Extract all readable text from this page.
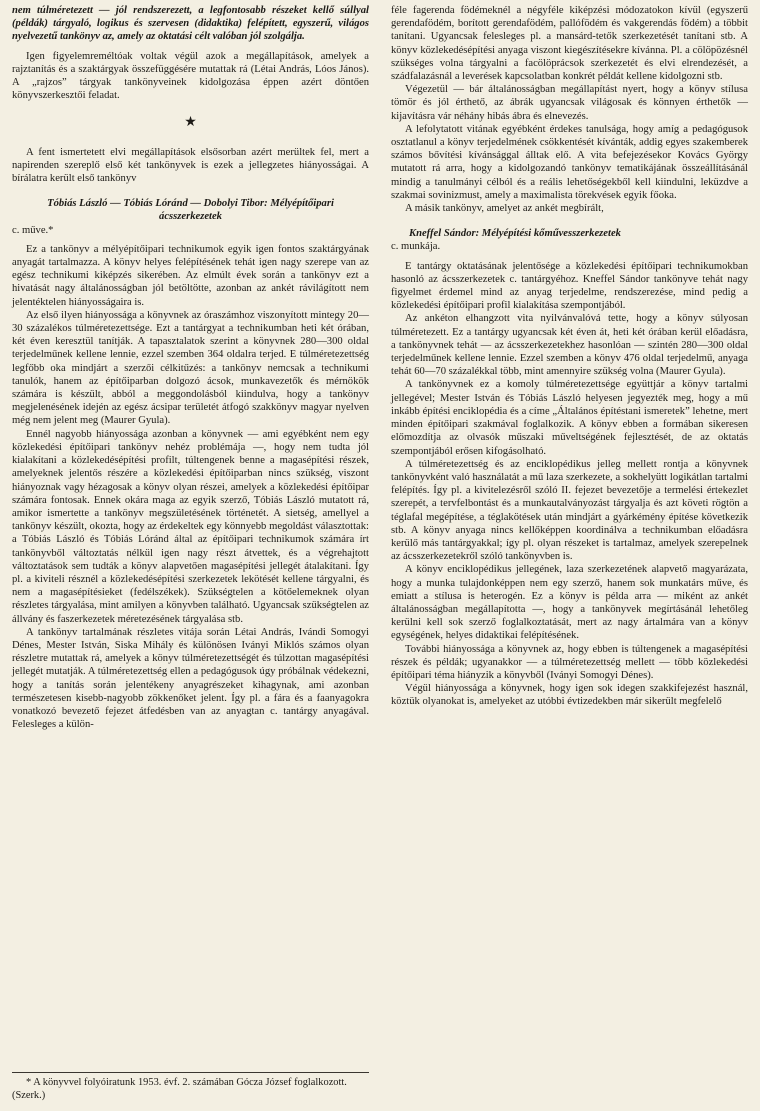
nem túlméretezett — jól rendszerezett, a legfontosabb részeket kellő súllyal (példák) tárgyaló, logikus és szervesen (didaktika) felépített, egyszerű, világos nyelvezetű tankönyv az, amely az oktatási célt valóban jól szolgálja.

Igen figyelemreméltóak voltak végül azok a megállapítások, amelyek a rajztanítás és a szaktárgyak összefüggésére mutattak rá (Létai András, Lóos János). A „rajzos” tárgyak tankönyveinek kidolgozása éppen azért döntően könyvszerkesztői feladat.

★

A fent ismertetett elvi megállapítások elsősorban azért merültek fel, mert a napirenden szereplő első két tankönyvek is ezek a jellegzetes hiányosságai. A bírálatra került első tankönyv

Tóbiás László — Tóbiás Lóránd — Dobolyi Tibor: Mélyépítőipari ácsszerkezetek

c. műve.*

Ez a tankönyv a mélyépítőipari technikumok egyik igen fontos szaktárgyának anyagát tartalmazza. A könyv helyes felépítésének tehát igen nagy szerepe van az egész technikumi kiképzés sikerében. Az elmúlt évek során a tankönyv ezt a hivatását nagy általánosságban jól betöltötte, azonban az ankét rávilágított nem jelentéktelen hiányosságaira is.

Az első ilyen hiányossága a könyvnek az óraszámhoz viszonyított mintegy 20—30 százalékos túlméretezettsége. Ezt a tantárgyat a technikumban heti két órában, két éven keresztül tanítják. A tapasztalatok szerint a könyvnek 280—300 oldal terjedelműnek kellene lennie, ezzel szemben 364 oldalra terjed. E túlméretezettség legfőbb oka mindjárt a szerzői célkitűzés: a tankönyv nemcsak a technikumi tanulók, hanem az építőiparban dolgozó ácsok, munkavezetők és mérnökök számára is készült, abból a meggondolásból kiindulva, hogy a tankönyv megjelenésének idején az egész ácsipar területét átfogó szakkönyv magyar nyelven még nem jelent meg (Maurer Gyula).

Ennél nagyobb hiányossága azonban a könyvnek — ami egyébként nem egy közlekedési építőipari tankönyv nehéz problémája —, hogy nem tudta jól kialakítani a közlekedésépítési profilt, túltengenek benne a magasépítési részek, amelyeknek jelentős részére a közlekedési építőiparban nincs szükség, viszont hiányoznak vagy hézagosak a könyv olyan részei, amelyek a közlekedési építőipar számára fontosak. Ennek okára maga az egyik szerző, Tóbiás László mutatott rá, amikor ismertette a tankönyv megszületésének történetét. A sietség, amellyel a tankönyv készült, okozta, hogy az érdekeltek egy könnyebb megoldást választottak: a Tóbiás László és Tóbiás Lóránd által az építőipari technikumok számára írt tankönyvből változtatás nélkül igen nagy részt átvettek, és a végrehajtott változtatások sem tudták a könyv alapvetően magasépítési jellegét átalakítani. Így pl. a kiviteli résznél a közlekedésépítési szerkezetek lekötését kellene tárgyalni, és nem a magasépítésieket (fedélszékek). Szükségtelen a kötőelemeknek olyan részletes tárgyalása, mint amilyen a könyvben található. Ugyancsak szükségtelen az állvány és faszerkezetek méretezésének tárgyalása stb.

A tankönyv tartalmának részletes vitája során Létai András, Ivándi Somogyi Dénes, Mester István, Siska Mihály és különösen Iványi Miklós számos olyan részletre mutattak rá, amelyek a könyv túlméretezettségét és túlzottan magasépítési jellegét mutatják. A túlméretezettség ellen a pedagógusok úgy próbálnak védekezni, hogy a tanítás során jelentékeny anyagrészeket kihagynak, ami azonban természetesen kisebb-nagyobb zökkenőket jelent. Így pl. a fára és a faanyagokra vonatkozó bevezető fejezet átfedésben van az anyagtan c. tantárgy anyagával. Felesleges a külön-

féle fagerenda födémeknél a négyféle kiképzési módozatokon kívül (egyszerű gerendafödém, borított gerendafödém, pallófödém és vakgerendás födém) a többit tanítani. Ugyancsak felesleges pl. a mansárd-tetők szerkezetését tanítani stb. A könyv közlekedésépítési anyaga viszont kiegészítésekre kívánna. Pl. a cölöpözésnél szükséges volna tárgyalni a facölöprácsok szerkezetét és elvi elrendezését, a szádfalazásnál a leverések kapcsolatban konkrét példát kellene kidolgozni stb.

Végezetül — bár általánosságban megállapítást nyert, hogy a könyv stílusa tömör és jól érthető, az ábrák ugyancsak világosak és könnyen érthetők — kijavításra vár néhány hibás ábra és elnevezés.

A lefolytatott vitának egyébként érdekes tanulsága, hogy amíg a pedagógusok osztatlanul a könyv terjedelmének csökkentését kívánták, addig egyes szakemberek számos bővítési kívánsággal álltak elő. A vita befejezésekor Kovács György mutatott rá arra, hogy a kidolgozandó tankönyv tematikájának összeállításánál mindig a tanulmányi célból és a reális lehetőségekből kell kiindulni, leküzdve a szakmai sovinizmust, amely a maximalista törekvések egyik főoka.

A másik tankönyv, amelyet az ankét megbírált,

Kneffel Sándor: Mélyépítési kőművesszerkezetek

c. munkája.

E tantárgy oktatásának jelentősége a közlekedési építőipari technikumokban hasonló az ácsszerkezetek c. tantárgyéhoz. Kneffel Sándor tankönyve tehát nagy figyelmet érdemel mind az anyag terjedelme, rendszerezése, mind pedig a közlekedési építőipari profil kialakítása szempontjából.

Az ankéton elhangzott vita nyilvánvalóvá tette, hogy a könyv súlyosan túlméretezett. Ez a tantárgy ugyancsak két éven át, heti két órában kerül előadásra, a tankönyvnek tehát — az ácsszerkezetekhez hasonlóan — szintén 280—300 oldal terjedelműnek kellene lennie. Ezzel szemben a könyv 476 oldal terjedelmű, anyaga tehát 60—70 százalékkal több, mint amennyire szükség volna (Maurer Gyula).

A tankönyvnek ez a komoly túlméretezettsége együttjár a könyv tartalmi jellegével; Mester István és Tóbiás László helyesen jegyezték meg, hogy a mű inkább építési enciklopédia és a címe „Általános építéstani ismeretek” lehetne, mert minden építőipari szakmával foglalkozik. A könyv ebben a formában sikeresen előmozdítja az olvasók műszaki műveltségének fejlesztését, de az oktatás szempontjából erősen kifogásolható.

A túlméretezettség és az enciklopédikus jelleg mellett rontja a könyvnek tankönyvként való használatát a mű laza szerkezete, a sokhelyütt logikátlan tartalmi felépítés. Így pl. a kivitelezésről szóló II. fejezet bevezetője a termelési értekezlet szerepét, a tervfelbontást és a munkautalványozást tárgyalja és azt követi rögtön a téglafal megépítése, a téglakötések után mindjárt a gyárkémény építése következik stb. A könyv anyaga nincs kellőképpen koordinálva a technikumban előadásra kerülő más tantárgyakkal; így pl. olyan részeket is tartalmaz, amelyek szerepelnek az ácsszerkezetekről szóló tankönyvben is.

A könyv enciklopédikus jellegének, laza szerkezetének alapvető magyarázata, hogy a munka tulajdonképpen nem egy szerző, hanem sok munkatárs műve, és emiatt a stílusa is heterogén. Ez a könyv is példa arra — miként az ankét általánosságban megállapította —, hogy a tankönyvek megírtásánál lehetőleg kerülni kell sok szerző foglalkoztatását, mert az nagy ártalmára van a könyv egységének, helyes didaktikai felépítésének.

További hiányossága a könyvnek az, hogy ebben is túltengenek a magasépítési részek és példák; ugyanakkor — a túlméretezettség mellett — több közlekedési építőipari téma hiányzik a könyvből (Iványi Somogyi Dénes).

Végül hiányossága a könyvnek, hogy igen sok idegen szakkifejezést használ, köztük olyanokat is, amelyeket az utóbbi évtizedekben már sikerült megfelelő

* A könyvvel folyóiratunk 1953. évf. 2. számában Gócza József foglalkozott. (Szerk.)
